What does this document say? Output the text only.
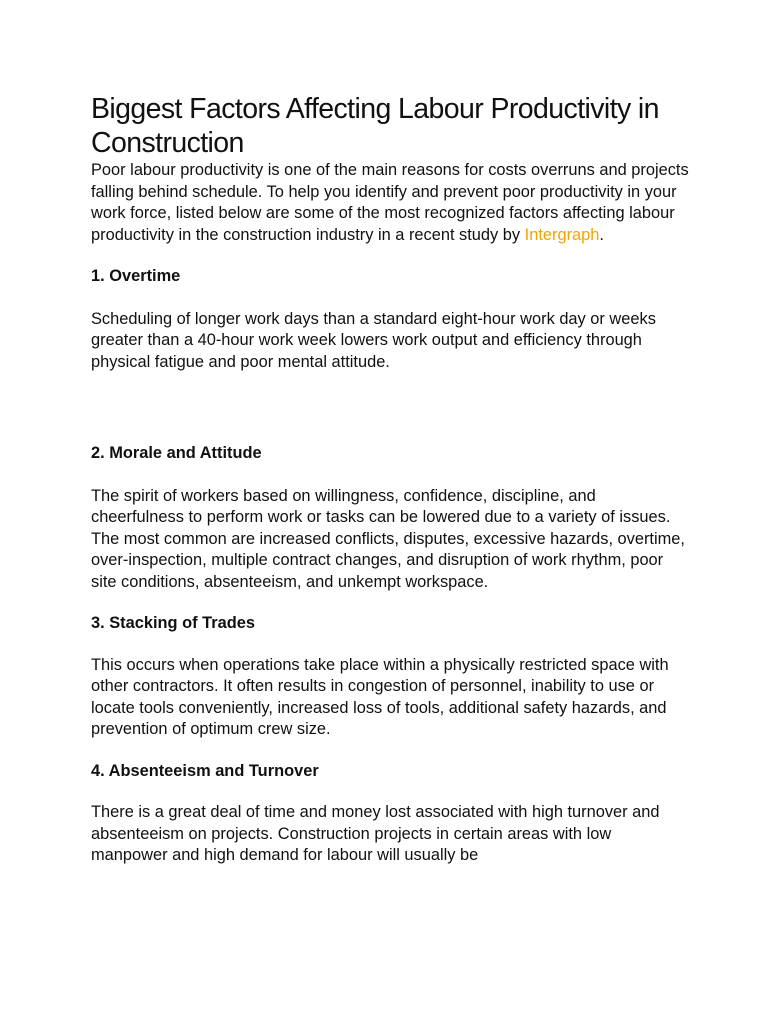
Biggest Factors Affecting Labour Productivity in Construction

Poor labour productivity is one of the main reasons for costs overruns and projects falling behind schedule. To help you identify and prevent poor productivity in your work force, listed below are some of the most recognized factors affecting labour productivity in the construction industry in a recent study by Intergraph.

1. Overtime

Scheduling of longer work days than a standard eight-hour work day or weeks greater than a 40-hour work week lowers work output and efficiency through physical fatigue and poor mental attitude.

2. Morale and Attitude

The spirit of workers based on willingness, confidence, discipline, and cheerfulness to perform work or tasks can be lowered due to a variety of issues. The most common are increased conflicts, disputes, excessive hazards, overtime, over-inspection, multiple contract changes, and disruption of work rhythm, poor site conditions, absenteeism, and unkempt workspace.

3. Stacking of Trades

This occurs when operations take place within a physically restricted space with other contractors. It often results in congestion of personnel, inability to use or locate tools conveniently, increased loss of tools, additional safety hazards, and prevention of optimum crew size.

4. Absenteeism and Turnover

There is a great deal of time and money lost associated with high turnover and absenteeism on projects. Construction projects in certain areas with low manpower and high demand for labour will usually be
